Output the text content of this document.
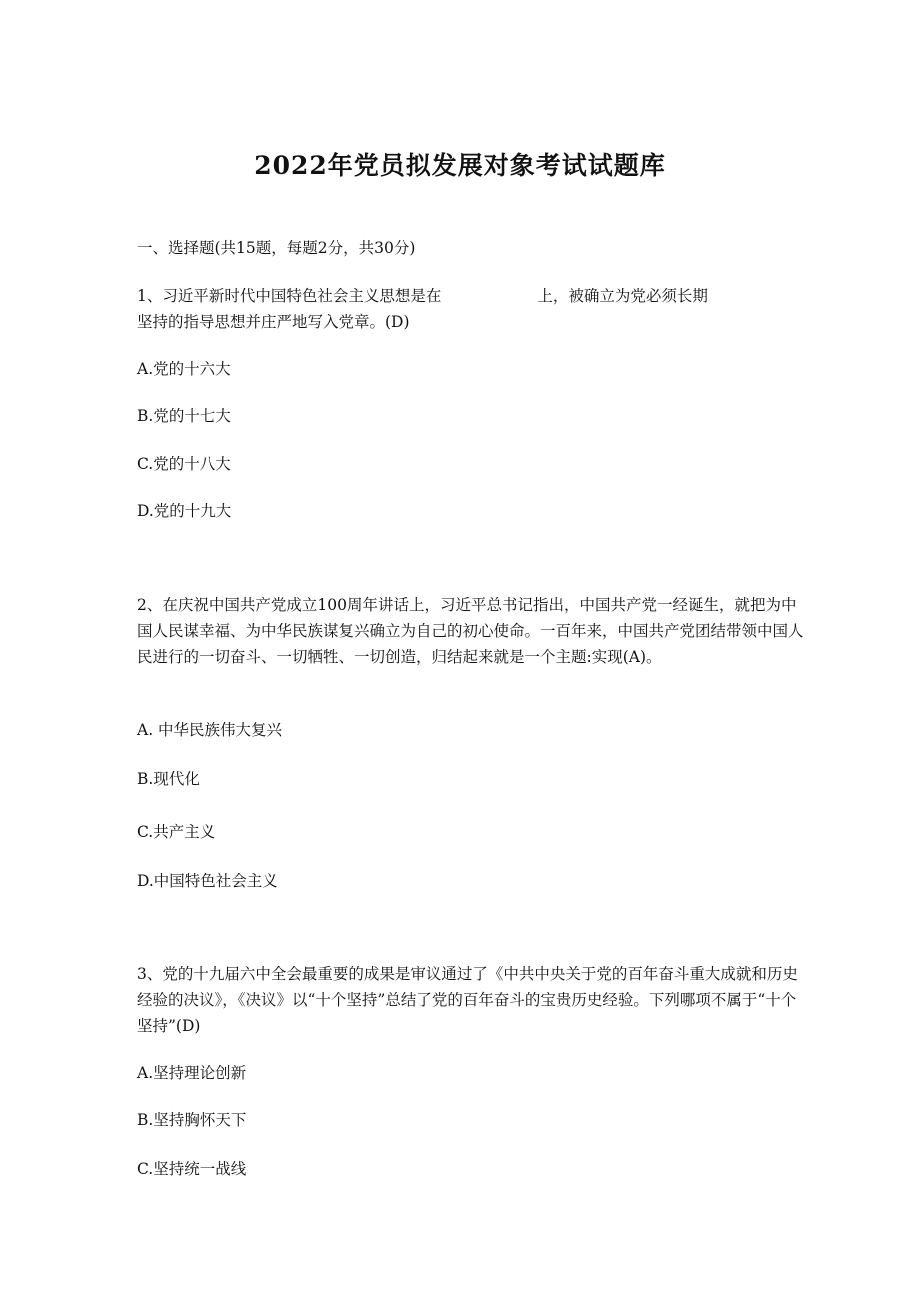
2022年党员拟发展对象考试试题库
一、选择题(共15题，每题2分，共30分)
1、习近平新时代中国特色社会主义思想是在	上，被确立为党必须长期
坚持的指导思想并庄严地写入党章。(D)
A.党的十六大
B.党的十七大
C.党的十八大
D.党的十九大
2、在庆祝中国共产党成立100周年讲话上，习近平总书记指出，中国共产党一经诞生，就把为中国人民谋幸福、为中华民族谋复兴确立为自己的初心使命。一百年来，中国共产党团结带领中国人民进行的一切奋斗、一切牺牲、一切创造，归结起来就是一个主题:实现(A)。
A. 中华民族伟大复兴
B.现代化
C.共产主义
D.中国特色社会主义
3、党的十九届六中全会最重要的成果是审议通过了《中共中央关于党的百年奋斗重大成就和历史经验的决议》，《决议》以“十个坚持”总结了党的百年奋斗的宝贵历史经验。下列哪项不属于“十个坚持”(D)
A.坚持理论创新
B.坚持胸怀天下
C.坚持统一战线
